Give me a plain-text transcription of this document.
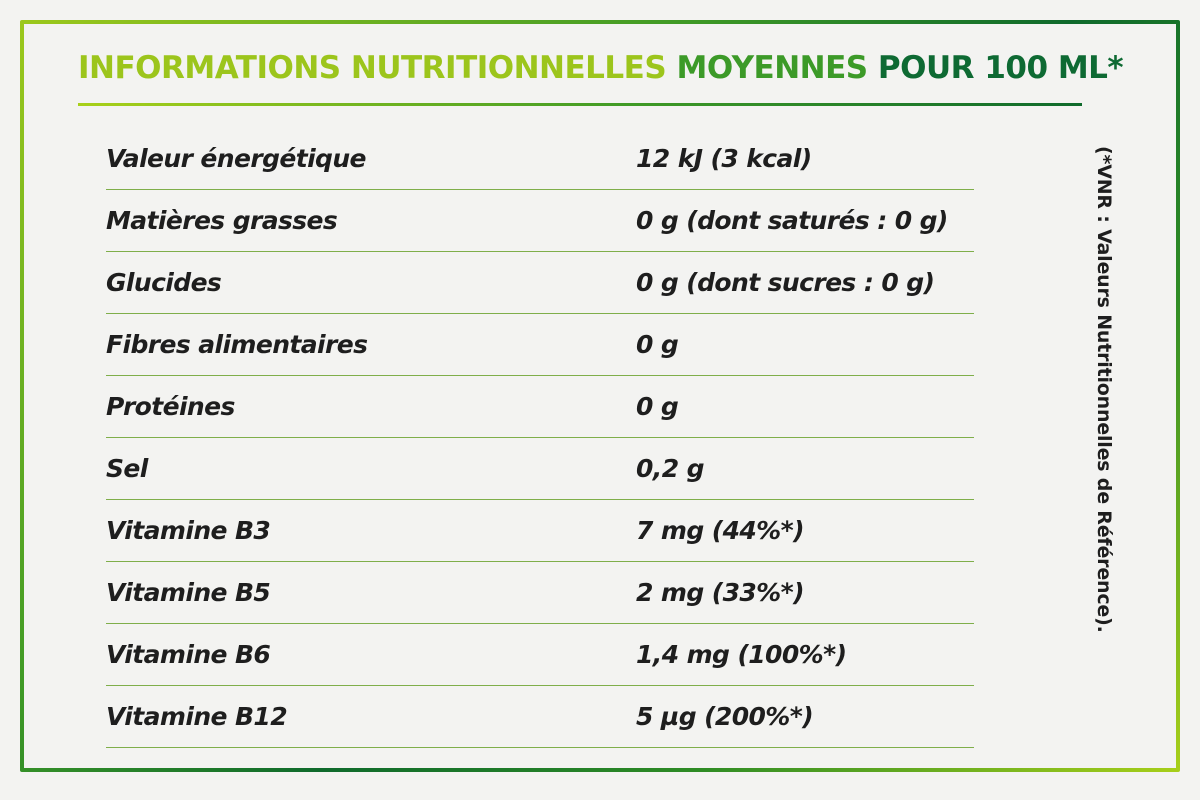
INFORMATIONS NUTRITIONNELLES MOYENNES POUR 100 ML*
Valeur énergétique	12 kJ (3 kcal)
Matières grasses	0 g (dont saturés : 0 g)
Glucides	0 g (dont sucres : 0 g)
Fibres alimentaires	0 g
Protéines	0 g
Sel	0,2 g
Vitamine B3	7 mg (44%*)
Vitamine B5	2 mg (33%*)
Vitamine B6	1,4 mg (100%*)
Vitamine B12	5 µg (200%*)
(*VNR : Valeurs Nutritionnelles de Référence).
